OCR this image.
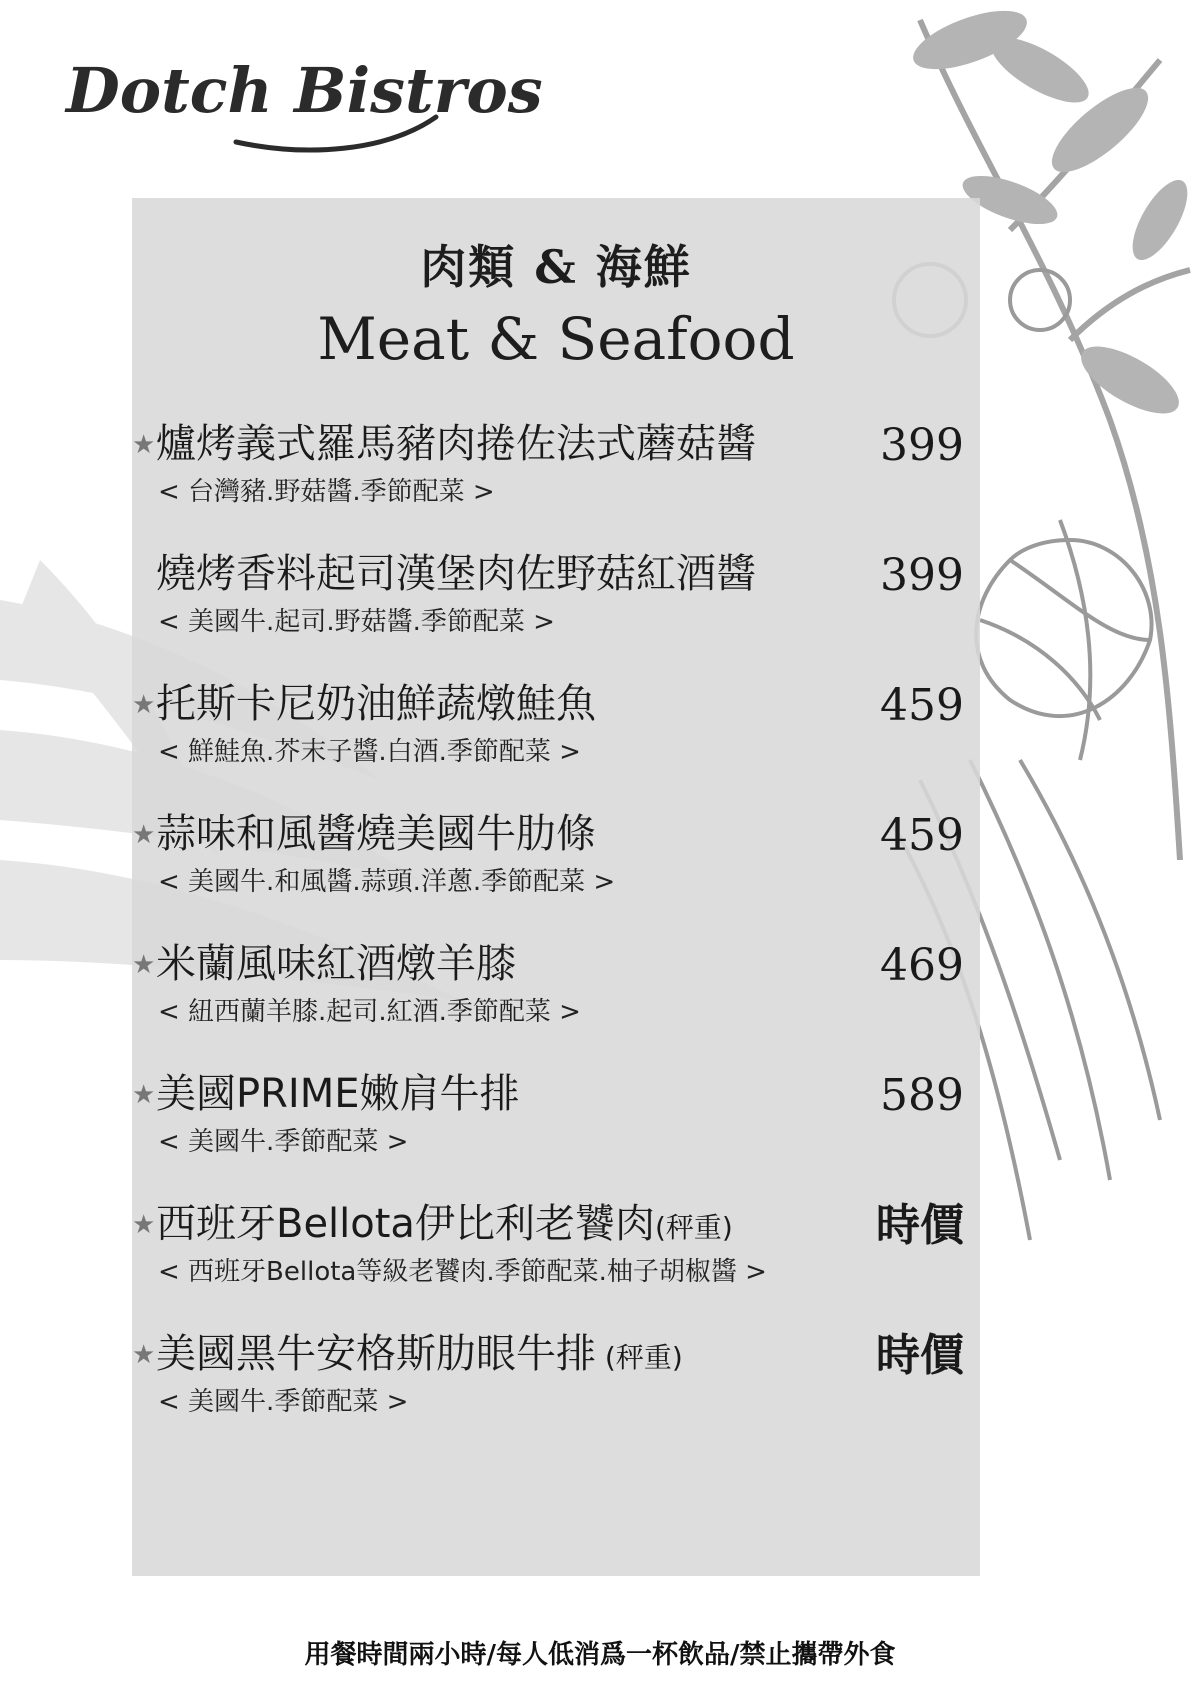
Dotch Bistros
肉類 & 海鮮
Meat & Seafood
★ 爐烤義式羅馬豬肉捲佐法式蘑菇醬
< 台灣豬.野菇醬.季節配菜 >
399
燒烤香料起司漢堡肉佐野菇紅酒醬
< 美國牛.起司.野菇醬.季節配菜 >
399
★ 托斯卡尼奶油鮮蔬燉鮭魚
< 鮮鮭魚.芥末子醬.白酒.季節配菜 >
459
★ 蒜味和風醬燒美國牛肋條
< 美國牛.和風醬.蒜頭.洋蔥.季節配菜 >
459
★ 米蘭風味紅酒燉羊膝
< 紐西蘭羊膝.起司.紅酒.季節配菜 >
469
★ 美國PRIME嫩肩牛排
< 美國牛.季節配菜 >
589
★ 西班牙Bellota伊比利老饕肉(秤重)
< 西班牙Bellota等級老饕肉.季節配菜.柚子胡椒醬 >
時價
★ 美國黑牛安格斯肋眼牛排 (秤重)
< 美國牛.季節配菜 >
時價
用餐時間兩小時/每人低消爲一杯飲品/禁止攜帶外食
